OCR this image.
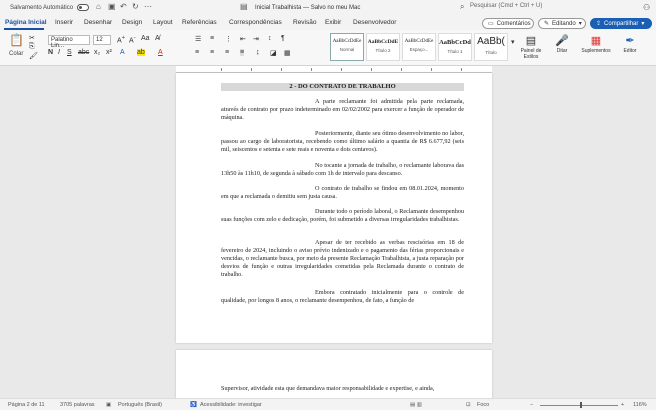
Salvamento Automático	⌂ ▣ ↶ ↻ ⋯	▤ Inicial Trabalhista — Salvo no meu Mac	⌕ Pesquisar (Cmd + Ctrl + U)	⚇
Página Inicial Inserir Desenhar Design Layout Referências Correspondências Revisão Exibir Desenvolvedor	▭ Comentários ✎ Editando ▾ ⇪ Compartilhar ▾
📋
Colar
✂
⎘
🖌
Palatino Lin...
12	A+ A- Aa A̸
N I S abc x₂ x² A ab A
☰ ≡ ⋮ ⇤ ⇥ ↕ ¶
≡ ≡ ≡ ≡ ↨ ◪ ▦
AaBbCcDdEe
Normal
AaBbCcDdE
Título 2
AaBbCcDdEe
Espaço...
AaBbCcDd
Título 1
AaBb(
Título
▾	▤
Painel de Estilos
🎤
Ditar
▦
Suplementos
✒
Editor
2 - DO CONTRATO DE TRABALHO

A parte reclamante foi admitida pela parte reclamada, através de contrato por prazo indeterminado em 02/02/2002 para exercer a função de operador de máquina.

Posteriormente, diante seu ótimo desenvolvimento no labor, passou ao cargo de laboratorista, recebendo como último salário a quantia de R$ 6.677,92 (seis mil, seiscentos e setenta e sete reais e noventa e dois centavos).

No tocante a jornada de trabalho, o reclamante laborava das 13h50 às 11h10, de segunda à sábado com 1h de intervalo para descanso.

O contrato de trabalho se findou em 08.01.2024, momento em que a reclamada o demitiu sem justa causa.

Durante todo o período laboral, o Reclamante desempenhou suas funções com zelo e dedicação, porém, foi submetido a diversas irregularidades trabalhistas.

Apesar de ter recebido as verbas rescisórias em 18 de fevereiro de 2024, incluindo o aviso prévio indenizado e o pagamento das férias proporcionais e vencidas, o reclamante busca, por meio da presente Reclamação Trabalhista, a justa reparação por desvios de função e outras irregularidades cometidas pela Reclamada durante o contrato de trabalho.

Embora contratado inicialmente para o controle de qualidade, por longos 8 anos, o reclamante desempenhou, de fato, a função de

Supervisor, atividade esta que demandava maior responsabilidade e expertise, e ainda,

Página 2 de 11	3705 palavras ▣ Português (Brasil)	♿ Acessibilidade: investigar	▤ ▥	⊡ Foco	−	+ 116%
